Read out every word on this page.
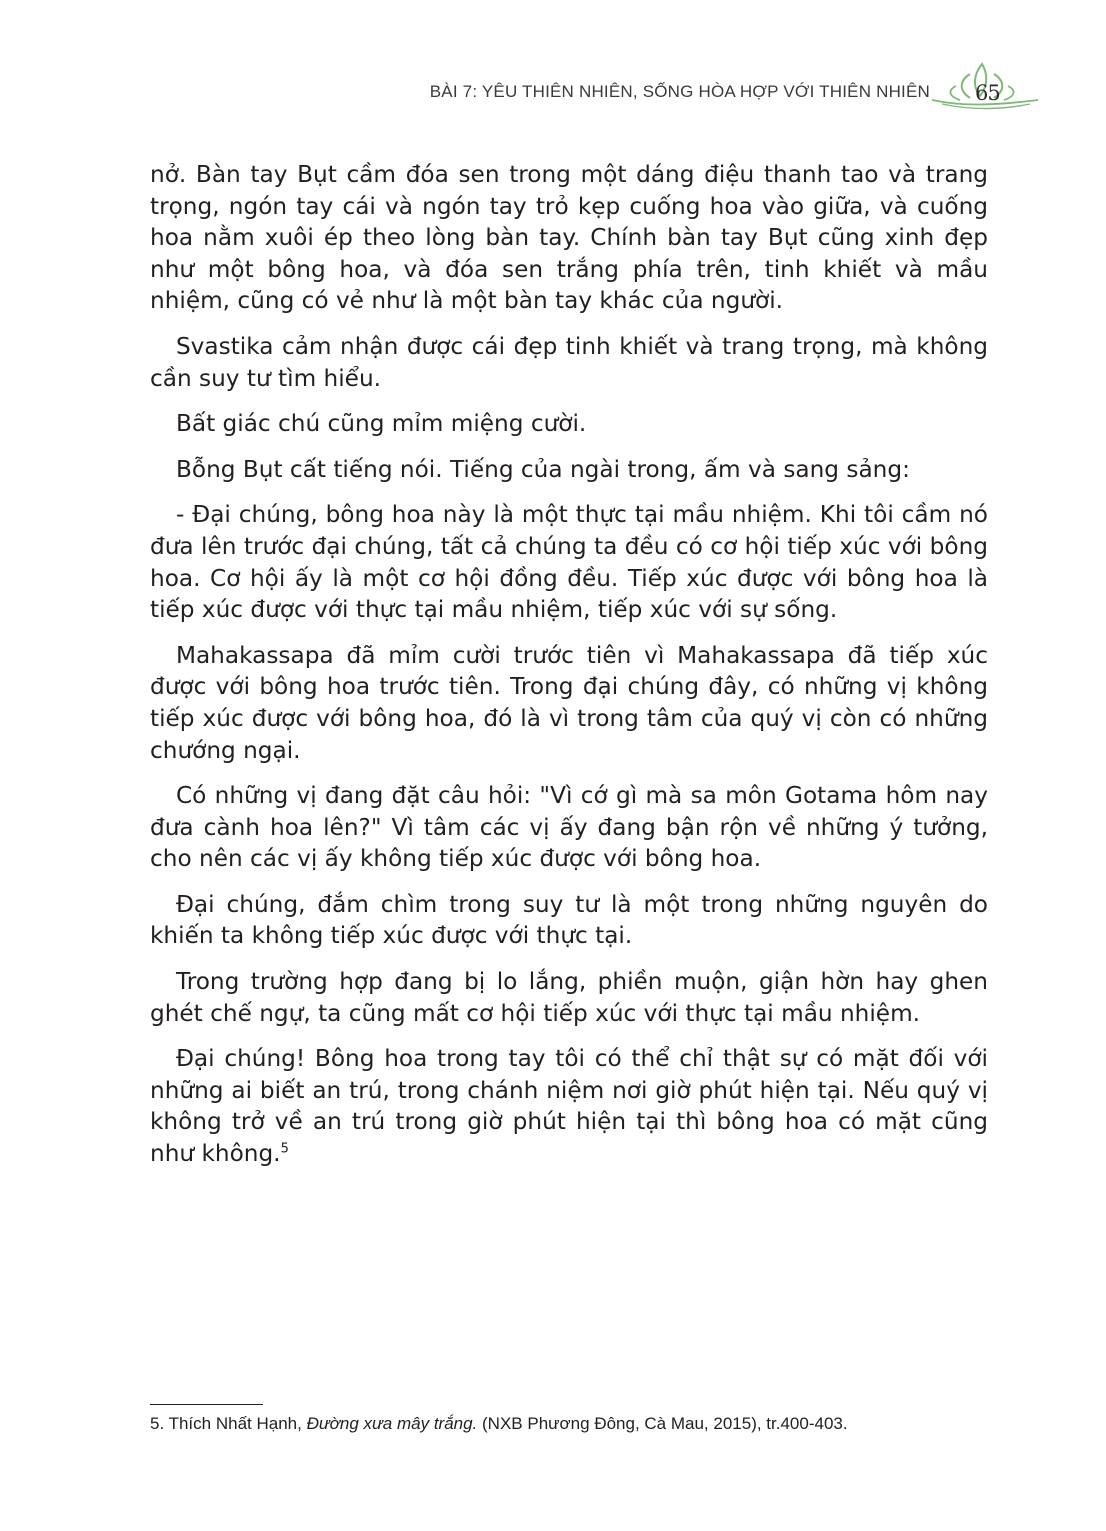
BÀI 7: YÊU THIÊN NHIÊN, SỐNG HÒA HỢP VỚI THIÊN NHIÊN 65

nở. Bàn tay Bụt cầm đóa sen trong một dáng điệu thanh tao và trang trọng, ngón tay cái và ngón tay trỏ kẹp cuống hoa vào giữa, và cuống hoa nằm xuôi ép theo lòng bàn tay. Chính bàn tay Bụt cũng xinh đẹp như một bông hoa, và đóa sen trắng phía trên, tinh khiết và mầu nhiệm, cũng có vẻ như là một bàn tay khác của người.

Svastika cảm nhận được cái đẹp tinh khiết và trang trọng, mà không cần suy tư tìm hiểu.

Bất giác chú cũng mỉm miệng cười.

Bỗng Bụt cất tiếng nói. Tiếng của ngài trong, ấm và sang sảng:

- Đại chúng, bông hoa này là một thực tại mầu nhiệm. Khi tôi cầm nó đưa lên trước đại chúng, tất cả chúng ta đều có cơ hội tiếp xúc với bông hoa. Cơ hội ấy là một cơ hội đồng đều. Tiếp xúc được với bông hoa là tiếp xúc được với thực tại mầu nhiệm, tiếp xúc với sự sống.

Mahakassapa đã mỉm cười trước tiên vì Mahakassapa đã tiếp xúc được với bông hoa trước tiên. Trong đại chúng đây, có những vị không tiếp xúc được với bông hoa, đó là vì trong tâm của quý vị còn có những chướng ngại.

Có những vị đang đặt câu hỏi: "Vì cớ gì mà sa môn Gotama hôm nay đưa cành hoa lên?" Vì tâm các vị ấy đang bận rộn về những ý tưởng, cho nên các vị ấy không tiếp xúc được với bông hoa.

Đại chúng, đắm chìm trong suy tư là một trong những nguyên do khiến ta không tiếp xúc được với thực tại.

Trong trường hợp đang bị lo lắng, phiền muộn, giận hờn hay ghen ghét chế ngự, ta cũng mất cơ hội tiếp xúc với thực tại mầu nhiệm.

Đại chúng! Bông hoa trong tay tôi có thể chỉ thật sự có mặt đối với những ai biết an trú, trong chánh niệm nơi giờ phút hiện tại. Nếu quý vị không trở về an trú trong giờ phút hiện tại thì bông hoa có mặt cũng như không.$^5$

5. Thích Nhất Hạnh, Đường xưa mây trắng. (NXB Phương Đông, Cà Mau, 2015), tr.400-403.
